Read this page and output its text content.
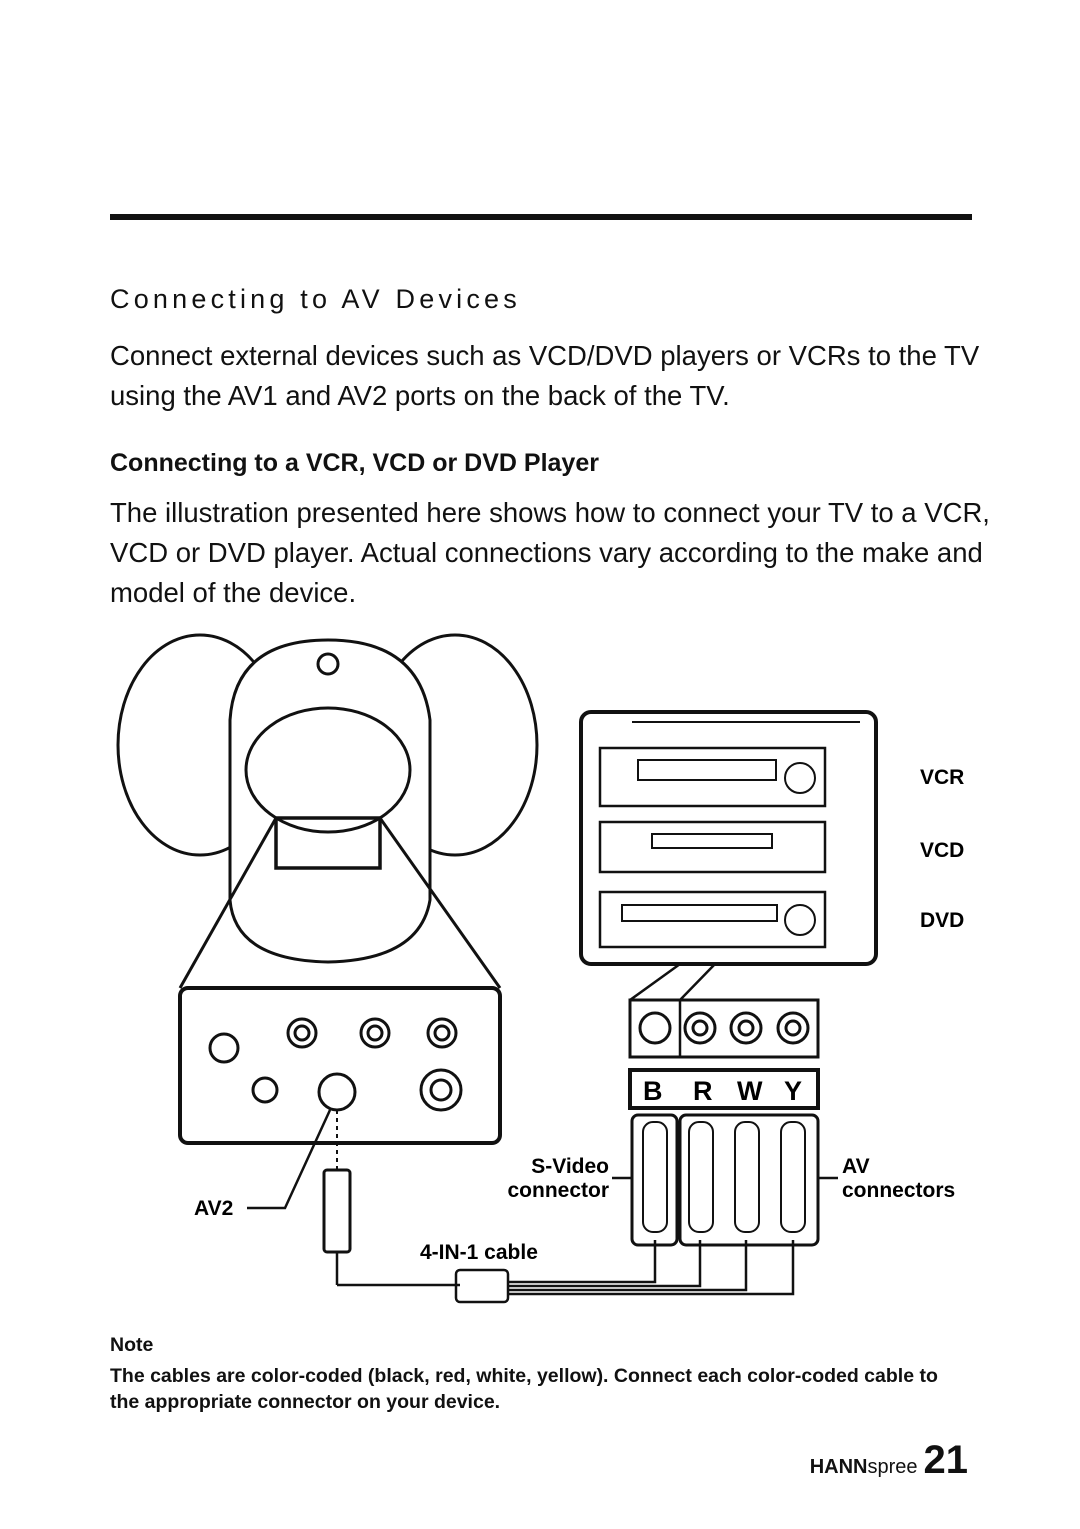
Connecting to AV Devices
Connect external devices such as VCD/DVD players or VCRs to the TV using the AV1 and AV2 ports on the back of the TV.
Connecting to a VCR, VCD or DVD Player
The illustration presented here shows how to connect your TV to a VCR, VCD or DVD player. Actual connections vary according to the make and model of the device.
VCR
VCD
DVD
B R W Y
S-Video
connector
AV
connectors
AV2
4-IN-1 cable
Note
The cables are color-coded (black, red, white, yellow). Connect each color-coded cable to the appropriate connector on your device.
HANNspree 21
